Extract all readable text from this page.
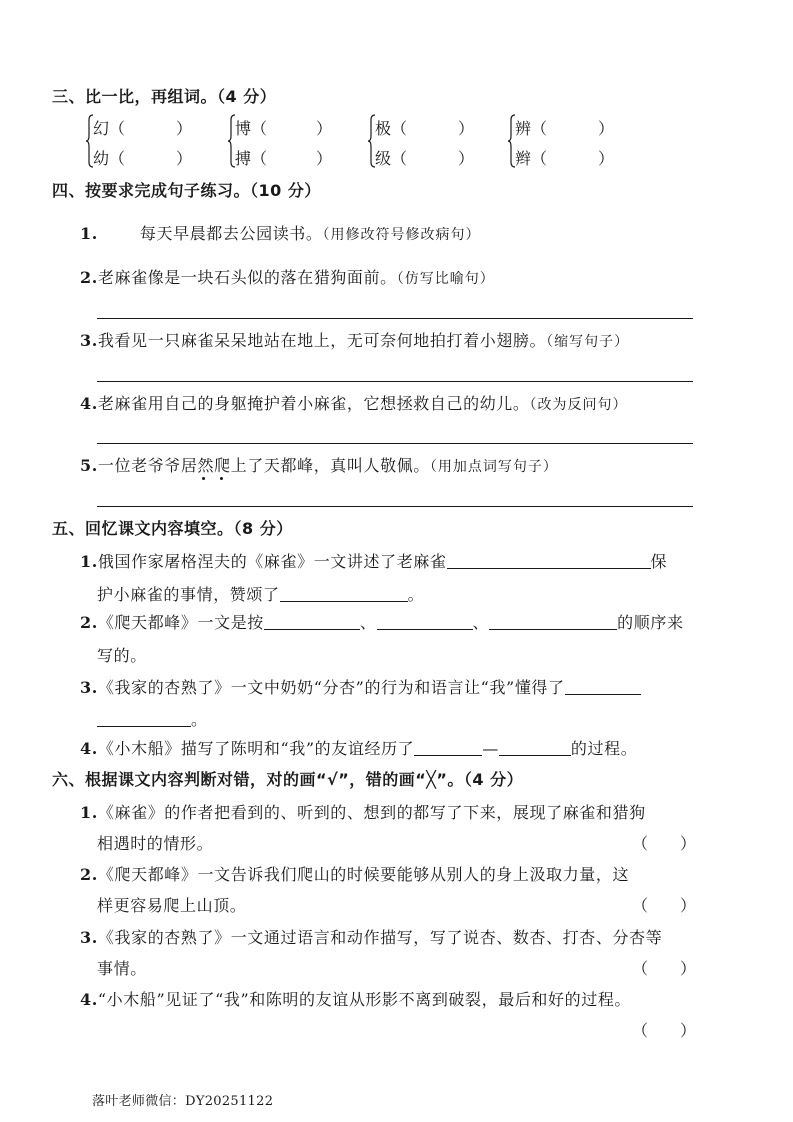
三、比一比，再组词。（4 分）
幻（	）
幼（	）
博（	）
搏（	）
极（	）
级（	）
辨（	）
辫（	）
四、按要求完成句子练习。（10 分）
1.	每天早晨都去公园读书。（用修改符号修改病句）
2.老麻雀像是一块石头似的落在猎狗面前。（仿写比喻句）
3.我看见一只麻雀呆呆地站在地上，无可奈何地拍打着小翅膀。（缩写句子）
4.老麻雀用自己的身躯掩护着小麻雀，它想拯救自己的幼儿。（改为反问句）
5.一位老爷爷居然爬上了天都峰，真叫人敬佩。（用加点词写句子）
五、回忆课文内容填空。（8 分）
1.俄国作家屠格涅夫的《麻雀》一文讲述了老麻雀	保
护小麻雀的事情，赞颂了	。
2.《爬天都峰》一文是按	、	、	的顺序来
写的。
3.《我家的杏熟了》一文中奶奶“分杏”的行为和语言让“我”懂得了
。
4.《小木船》描写了陈明和“我”的友谊经历了	—	的过程。
六、根据课文内容判断对错，对的画“√”，错的画“╳”。（4 分）
1.《麻雀》的作者把看到的、听到的、想到的都写了下来，展现了麻雀和猎狗
相遇时的情形。	（　　）
2.《爬天都峰》一文告诉我们爬山的时候要能够从别人的身上汲取力量，这
样更容易爬上山顶。	（　　）
3.《我家的杏熟了》一文通过语言和动作描写，写了说杏、数杏、打杏、分杏等
事情。	（　　）
4.“小木船”见证了“我”和陈明的友谊从形影不离到破裂，最后和好的过程。
（　　）
落叶老师微信：DY20251122
